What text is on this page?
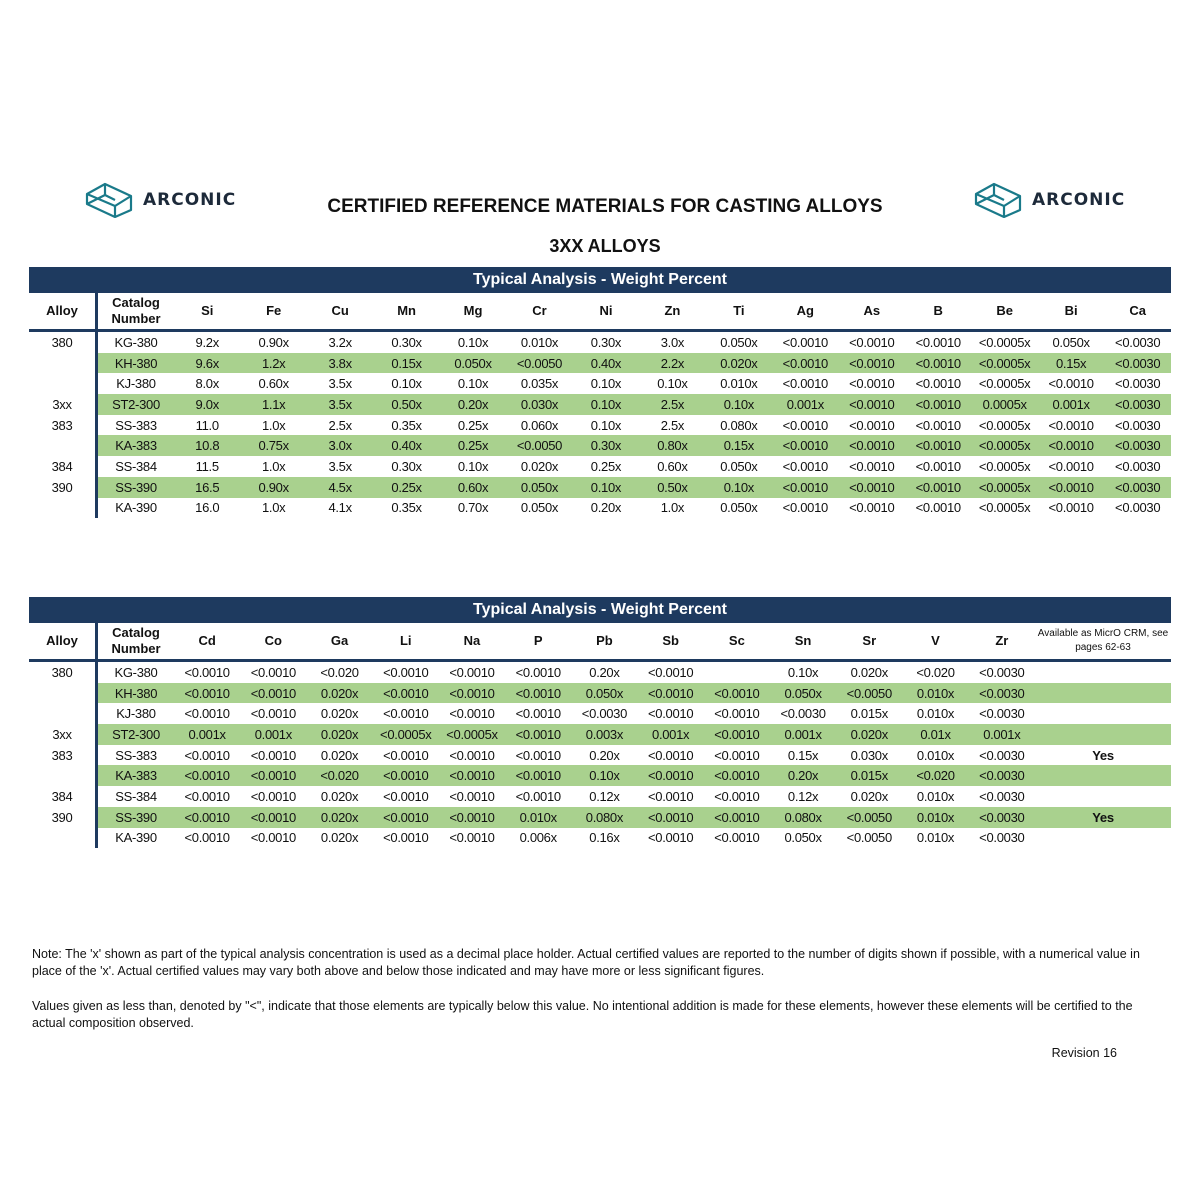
ARCONIC	ARCONIC
CERTIFIED REFERENCE MATERIALS FOR CASTING ALLOYS
3XX ALLOYS
Typical Analysis - Weight Percent
Alloy	Catalog Number	Si	Fe	Cu	Mn	Mg	Cr	Ni	Zn	Ti	Ag	As	B	Be	Bi	Ca
380	KG-380	9.2x	0.90x	3.2x	0.30x	0.10x	0.010x	0.30x	3.0x	0.050x	<0.0010	<0.0010	<0.0010	<0.0005x	0.050x	<0.0030
	KH-380	9.6x	1.2x	3.8x	0.15x	0.050x	<0.0050	0.40x	2.2x	0.020x	<0.0010	<0.0010	<0.0010	<0.0005x	0.15x	<0.0030
	KJ-380	8.0x	0.60x	3.5x	0.10x	0.10x	0.035x	0.10x	0.10x	0.010x	<0.0010	<0.0010	<0.0010	<0.0005x	<0.0010	<0.0030
3xx	ST2-300	9.0x	1.1x	3.5x	0.50x	0.20x	0.030x	0.10x	2.5x	0.10x	0.001x	<0.0010	<0.0010	0.0005x	0.001x	<0.0030
383	SS-383	11.0	1.0x	2.5x	0.35x	0.25x	0.060x	0.10x	2.5x	0.080x	<0.0010	<0.0010	<0.0010	<0.0005x	<0.0010	<0.0030
	KA-383	10.8	0.75x	3.0x	0.40x	0.25x	<0.0050	0.30x	0.80x	0.15x	<0.0010	<0.0010	<0.0010	<0.0005x	<0.0010	<0.0030
384	SS-384	11.5	1.0x	3.5x	0.30x	0.10x	0.020x	0.25x	0.60x	0.050x	<0.0010	<0.0010	<0.0010	<0.0005x	<0.0010	<0.0030
390	SS-390	16.5	0.90x	4.5x	0.25x	0.60x	0.050x	0.10x	0.50x	0.10x	<0.0010	<0.0010	<0.0010	<0.0005x	<0.0010	<0.0030
	KA-390	16.0	1.0x	4.1x	0.35x	0.70x	0.050x	0.20x	1.0x	0.050x	<0.0010	<0.0010	<0.0010	<0.0005x	<0.0010	<0.0030
Typical Analysis - Weight Percent
Alloy	Catalog Number	Cd	Co	Ga	Li	Na	P	Pb	Sb	Sc	Sn	Sr	V	Zr	Available as MicrO CRM, see pages 62-63
380	KG-380	<0.0010	<0.0010	<0.020	<0.0010	<0.0010	<0.0010	0.20x	<0.0010		0.10x	0.020x	<0.020	<0.0030	
	KH-380	<0.0010	<0.0010	0.020x	<0.0010	<0.0010	<0.0010	0.050x	<0.0010	<0.0010	0.050x	<0.0050	0.010x	<0.0030	
	KJ-380	<0.0010	<0.0010	0.020x	<0.0010	<0.0010	<0.0010	<0.0030	<0.0010	<0.0010	<0.0030	0.015x	0.010x	<0.0030	
3xx	ST2-300	0.001x	0.001x	0.020x	<0.0005x	<0.0005x	<0.0010	0.003x	0.001x	<0.0010	0.001x	0.020x	0.01x	0.001x	
383	SS-383	<0.0010	<0.0010	0.020x	<0.0010	<0.0010	<0.0010	0.20x	<0.0010	<0.0010	0.15x	0.030x	0.010x	<0.0030	Yes
	KA-383	<0.0010	<0.0010	<0.020	<0.0010	<0.0010	<0.0010	0.10x	<0.0010	<0.0010	0.20x	0.015x	<0.020	<0.0030	
384	SS-384	<0.0010	<0.0010	0.020x	<0.0010	<0.0010	<0.0010	0.12x	<0.0010	<0.0010	0.12x	0.020x	0.010x	<0.0030	
390	SS-390	<0.0010	<0.0010	0.020x	<0.0010	<0.0010	0.010x	0.080x	<0.0010	<0.0010	0.080x	<0.0050	0.010x	<0.0030	Yes
	KA-390	<0.0010	<0.0010	0.020x	<0.0010	<0.0010	0.006x	0.16x	<0.0010	<0.0010	0.050x	<0.0050	0.010x	<0.0030	
Note: The 'x' shown as part of the typical analysis concentration is used as a decimal place holder. Actual certified values are reported to the number of digits shown if possible, with a numerical value in place of the 'x'. Actual certified values may vary both above and below those indicated and may have more or less significant figures.
Values given as less than, denoted by "<", indicate that those elements are typically below this value. No intentional addition is made for these elements, however these elements will be certified to the actual composition observed.
Revision 16
